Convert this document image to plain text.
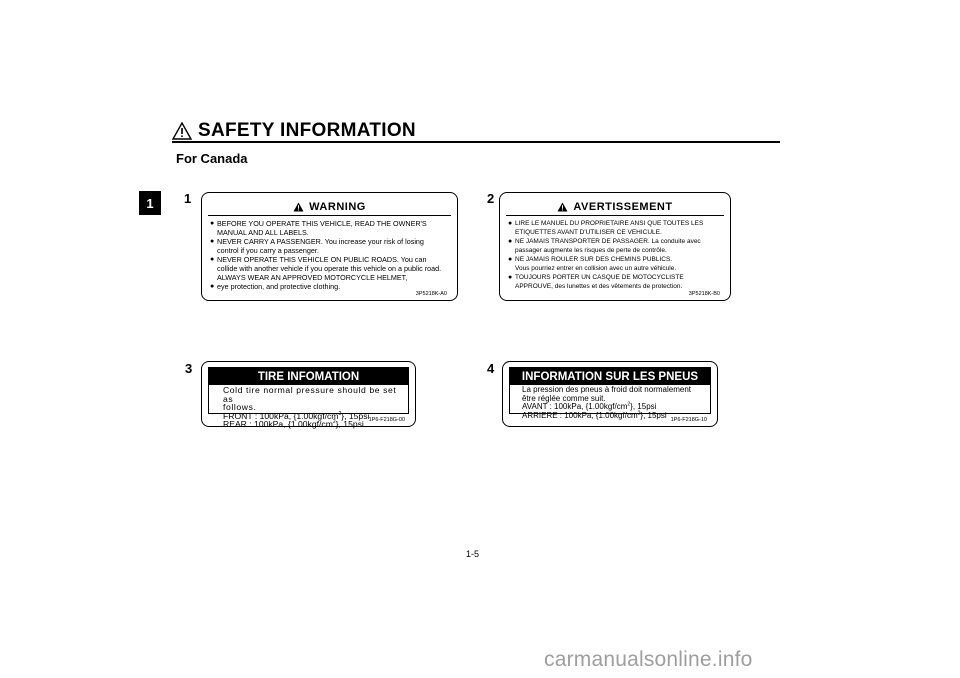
SAFETY INFORMATION
For Canada
1	1
WARNING
● BEFORE YOU OPERATE THIS VEHICLE, READ THE OWNER'S
MANUAL AND ALL LABELS.
● NEVER CARRY A PASSENGER. You increase your risk of losing
control if you carry a passenger.
● NEVER OPERATE THIS VEHICLE ON PUBLIC ROADS. You can
collide with another vehicle if you operate this vehicle on a public road.
ALWAYS WEAR AN APPROVED MOTORCYCLE HELMET,
● eye protection, and protective clothing.
3P5218K-A0
2
AVERTISSEMENT
● LIRE LE MANUEL DU PROPRIETAIRE ANSI QUE TOUTES LES
ETIQUETTES AVANT D'UTILISER CE VEHICULE.
● NE JAMAIS TRANSPORTER DE PASSAGER. La conduite avec
passager augmente les risques de perte de contrôle.
● NE JAMAIS ROULER SUR DES CHEMINS PUBLICS.
Vous pourriez entrer en collision avec un autre véhicule.
● TOUJOURS PORTER UN CASQUE DE MOTOCYCLISTE
APPROUVE, des lunettes et des vêtements de protection.
3P5218K-B0
3
TIRE INFOMATION
Cold tire normal pressure should be set as
follows.
FRONT : 100kPa, $\{1.00kgf/cm^2\}$, 15psi
REAR : 100kPa, $\{1.00kgf/cm^2\}$, 15psi 1P6-F218G-00
4
INFORMATION SUR LES PNEUS
La pression des pneus à froid doit normalement
être réglée comme suit.
AVANT : 100kPa, $\{1.00kgf/cm^2\}$, 15psi
ARRIERE : 100kPa, $\{1.00kgf/cm^2\}$, 15psi
1P6-F218G-10
1-5
carmanualsonline.info
